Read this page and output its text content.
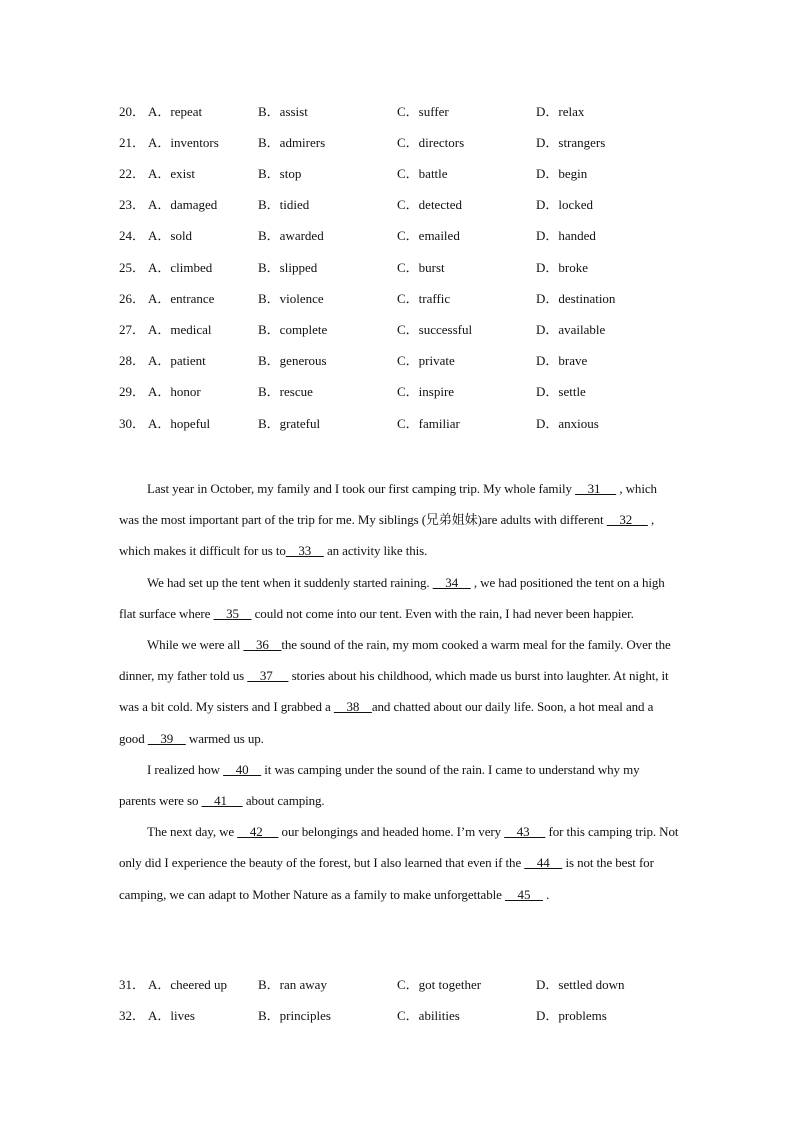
20． A．repeat	B．assist	C．suffer	D．relax
21． A．inventors	B．admirers	C．directors	D．strangers
22． A．exist	B．stop	C．battle	D．begin
23． A．damaged	B．tidied	C．detected	D．locked
24． A．sold	B．awarded	C．emailed	D．handed
25． A．climbed	B．slipped	C．burst	D．broke
26． A．entrance	B．violence	C．traffic	D．destination
27． A．medical	B．complete	C．successful	D．available
28． A．patient	B．generous	C．private	D．brave
29． A．honor	B．rescue	C．inspire	D．settle
30． A．hopeful	B．grateful	C．familiar	D．anxious

Last year in October, my family and I took our first camping trip. My whole family     31      , which was the most important part of the trip for me. My siblings (兄弟姐妹)are adults with different     32      , which makes it difficult for us to    33     an activity like this.

We had set up the tent when it suddenly started raining.     34     , we had positioned the tent on a high flat surface where     35     could not come into our tent. Even with the rain, I had never been happier.

While we were all     36    the sound of the rain, my mom cooked a warm meal for the family. Over the dinner, my father told us     37      stories about his childhood, which made us burst into laughter. At night, it was a bit cold. My sisters and I grabbed a     38    and chatted about our daily life. Soon, a hot meal and a good     39     warmed us up.

I realized how     40     it was camping under the sound of the rain. I came to understand why my parents were so     41      about camping.

The next day, we     42      our belongings and headed home. I’m very     43      for this camping trip. Not only did I experience the beauty of the forest, but I also learned that even if the     44     is not the best for camping, we can adapt to Mother Nature as a family to make unforgettable     45     .

31． A．cheered up B．ran away	C．got together	D．settled down
32． A．lives	B．principles	C．abilities	D．problems
